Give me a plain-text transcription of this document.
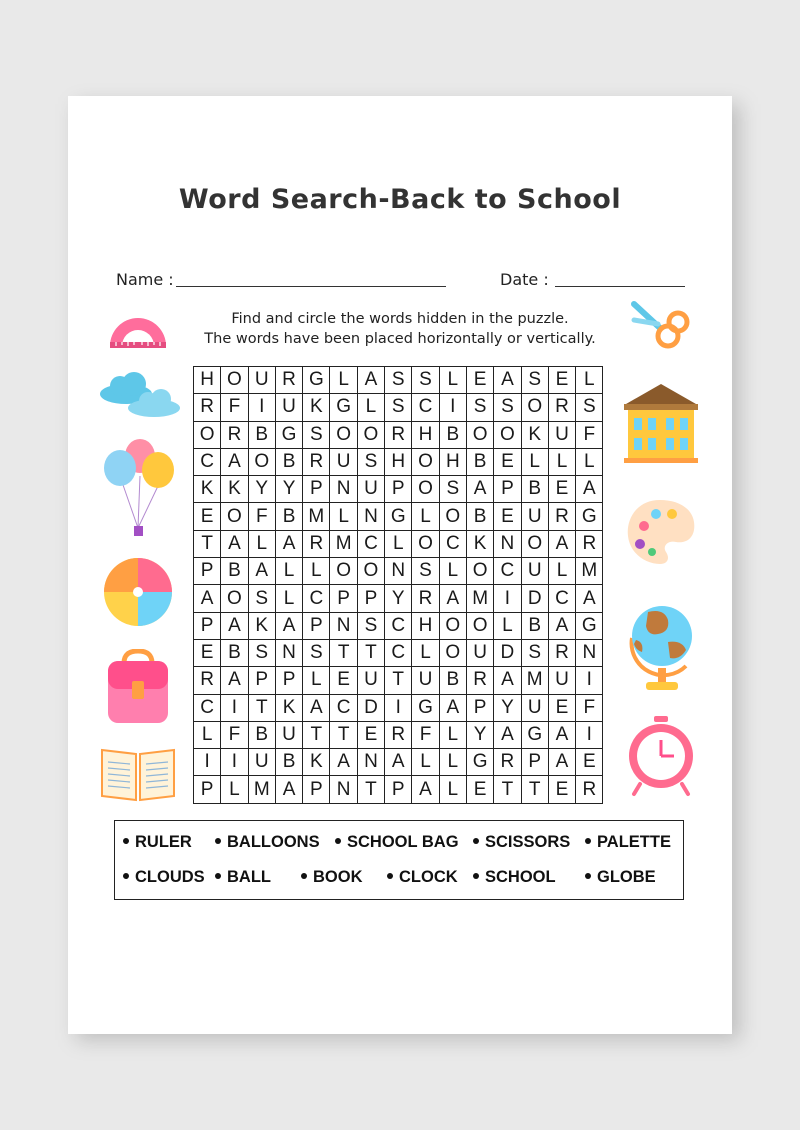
Word Search-Back to School
Name :	Date :
Find and circle the words hidden in the puzzle.
The words have been placed horizontally or vertically.
H O U R G L A S S L E A S E L
R F I U K G L S C I S S O R S
O R B G S O O R H B O O K U F
C A O B R U S H O H B E L L L
K K Y Y P N U P O S A P B E A
E O F B M L N G L O B E U R G
T A L A R M C L O C K N O A R
P B A L L O O N S L O C U L M
A O S L C P P Y R A M I D C A
P A K A P N S C H O O L B A G
E B S N S T T C L O U D S R N
R A P P L E U T U B R A M U I
C I T K A C D I G A P Y U E F
L F B U T T E R F L Y A G A I
I	I U B K A N A L L G R P A E
P L M A P N T P A L E T T E R
RULER	BALLOONS	SCHOOL BAG	SCISSORS	PALETTE
CLOUDS	BALL	BOOK	CLOCK	SCHOOL	GLOBE
